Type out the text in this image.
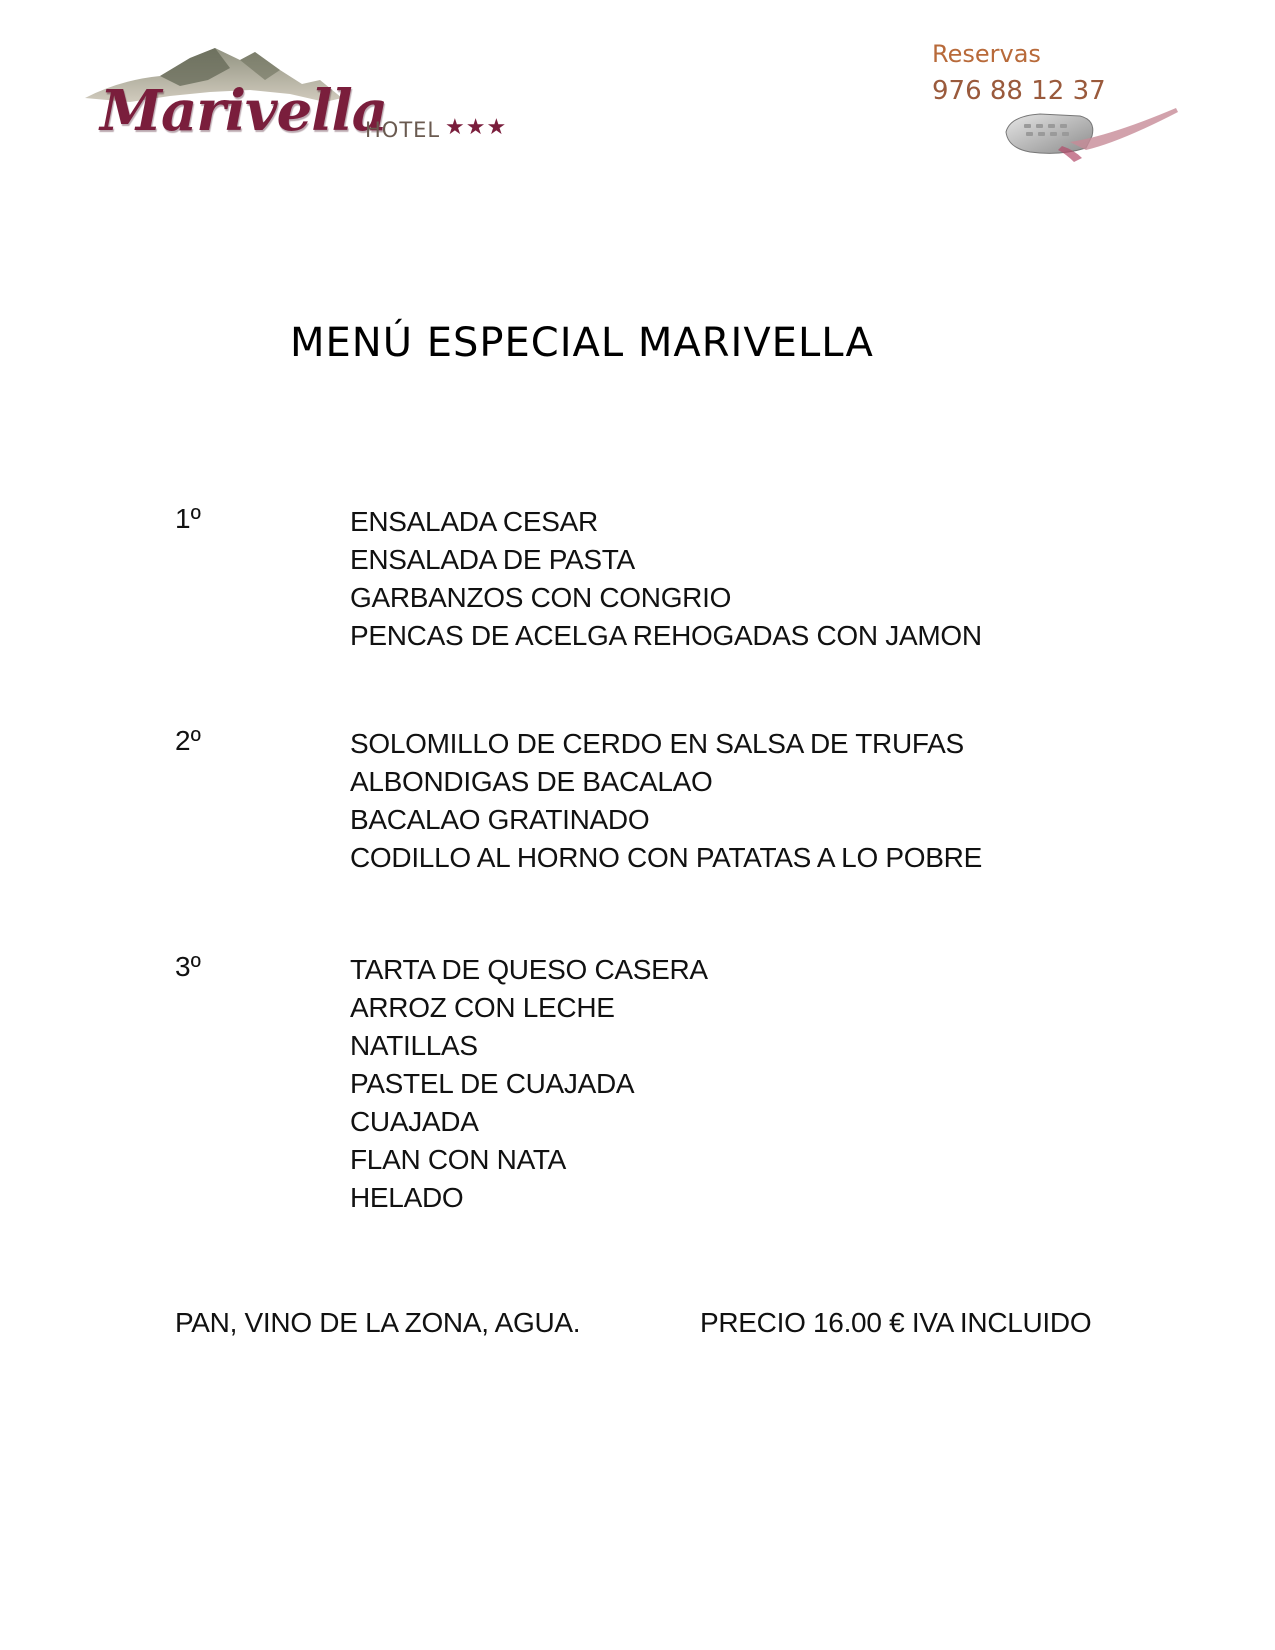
Marivella
HOTEL ★★★
Reservas
976 88 12 37
MENÚ ESPECIAL MARIVELLA
1º	ENSALADA CESAR
ENSALADA DE PASTA
GARBANZOS CON CONGRIO
PENCAS DE ACELGA REHOGADAS CON JAMON
2º	SOLOMILLO DE CERDO EN SALSA DE TRUFAS
ALBONDIGAS DE BACALAO
BACALAO GRATINADO
CODILLO AL HORNO CON PATATAS A LO POBRE
3º	TARTA DE QUESO CASERA
ARROZ CON LECHE
NATILLAS
PASTEL DE CUAJADA
CUAJADA
FLAN CON NATA
HELADO
PAN, VINO DE LA ZONA, AGUA.	PRECIO 16.00 € IVA INCLUIDO
